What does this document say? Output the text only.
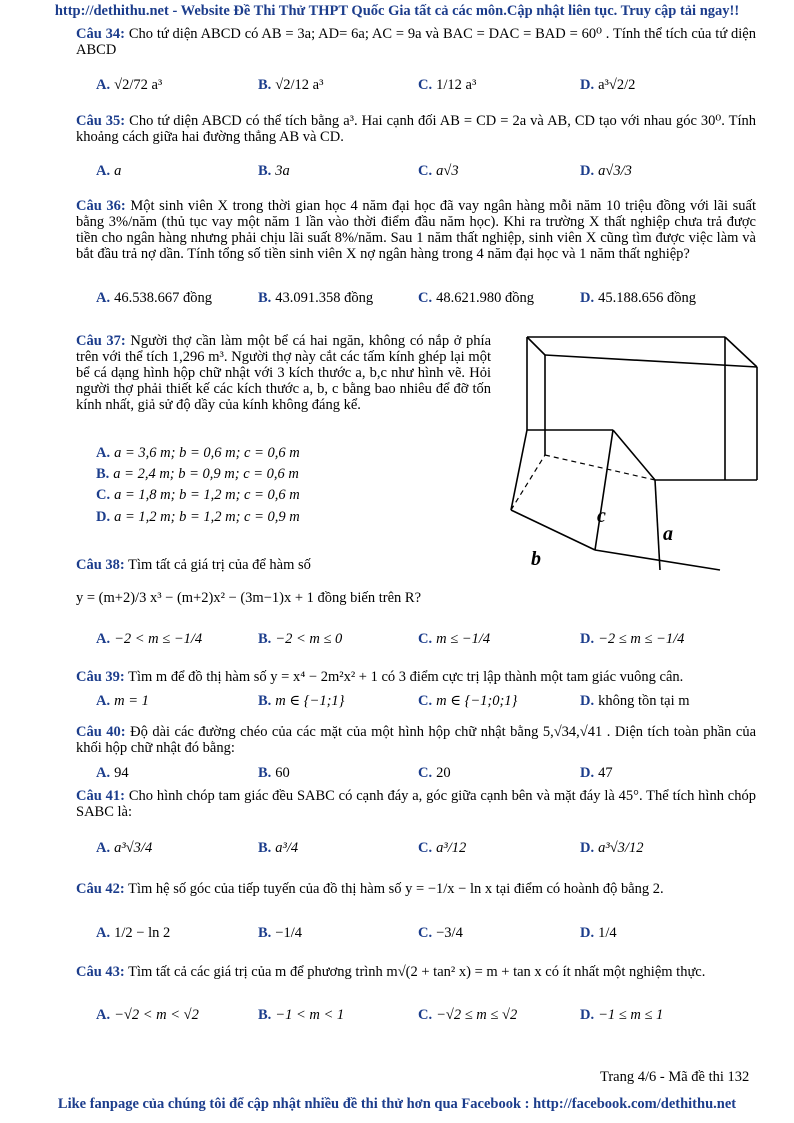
http://dethithu.net - Website Đề Thi Thử THPT Quốc Gia tất cả các môn.Cập nhật liên tục. Truy cập tải ngay!!
Câu 34: Cho tứ diện ABCD có AB = 3a; AD= 6a; AC = 9a và BAC = DAC = BAD = 60⁰ . Tính thể tích của tứ diện ABCD
A. √2/72 a³	B. √2/12 a³	C. 1/12 a³	D. a³√2/2
Câu 35: Cho tứ diện ABCD có thể tích bằng a³. Hai cạnh đối AB = CD = 2a và AB, CD tạo với nhau góc 30⁰. Tính khoảng cách giữa hai đường thẳng AB và CD.
A. a	B. 3a	C. a√3	D. a√3/3
Câu 36: Một sinh viên X trong thời gian học 4 năm đại học đã vay ngân hàng mỗi năm 10 triệu đồng với lãi suất bằng 3%/năm (thủ tục vay một năm 1 lần vào thời điểm đầu năm học). Khi ra trường X thất nghiệp chưa trả được tiền cho ngân hàng nhưng phải chịu lãi suất 8%/năm. Sau 1 năm thất nghiệp, sinh viên X cũng tìm được việc làm và bắt đầu trả nợ dần. Tính tổng số tiền sinh viên X nợ ngân hàng trong 4 năm đại học và 1 năm thất nghiệp?
A. 46.538.667 đồng	B. 43.091.358 đồng	C. 48.621.980 đồng	D. 45.188.656 đồng
Câu 37: Người thợ cần làm một bể cá hai ngăn, không có nắp ở phía trên với thể tích 1,296 m³. Người thợ này cắt các tấm kính ghép lại một bể cá dạng hình hộp chữ nhật với 3 kích thước a, b,c như hình vẽ. Hỏi người thợ phải thiết kế các kích thước a, b, c bằng bao nhiêu để đỡ tốn kính nhất, giả sử độ dầy của kính không đáng kể.
A. a = 3,6 m; b = 0,6 m; c = 0,6 m
B. a = 2,4 m; b = 0,9 m; c = 0,6 m
C. a = 1,8 m; b = 1,2 m; c = 0,6 m
D. a = 1,2 m; b = 1,2 m; c = 0,9 m	c
a
b
Câu 38: Tìm tất cả giá trị của để hàm số
y = (m+2)/3 x³ − (m+2)x² − (3m−1)x + 1 đồng biến trên R?
A. −2 < m ≤ −1/4	B. −2 < m ≤ 0	C. m ≤ −1/4	D. −2 ≤ m ≤ −1/4
Câu 39: Tìm m để đồ thị hàm số y = x⁴ − 2m²x² + 1 có 3 điểm cực trị lập thành một tam giác vuông cân.
A. m = 1	B. m ∈ {−1;1}	C. m ∈ {−1;0;1}	D. không tồn tại m
Câu 40: Độ dài các đường chéo của các mặt của một hình hộp chữ nhật bằng 5,√34,√41 . Diện tích toàn phần của khối hộp chữ nhật đó bằng:
A. 94	B. 60	C. 20	D. 47
Câu 41: Cho hình chóp tam giác đều SABC có cạnh đáy a, góc giữa cạnh bên và mặt đáy là 45°. Thể tích hình chóp SABC là:
A. a³√3/4	B. a³/4	C. a³/12	D. a³√3/12
Câu 42: Tìm hệ số góc của tiếp tuyến của đồ thị hàm số y = −1/x − ln x tại điểm có hoành độ bằng 2.
A. 1/2 − ln 2	B. −1/4	C. −3/4	D. 1/4
Câu 43: Tìm tất cả các giá trị của m để phương trình m√(2 + tan² x) = m + tan x có ít nhất một nghiệm thực.
A. −√2 < m < √2	B. −1 < m < 1	C. −√2 ≤ m ≤ √2	D. −1 ≤ m ≤ 1
Trang 4/6 - Mã đề thi 132
Like fanpage của chúng tôi để cập nhật nhiều đề thi thử hơn qua Facebook : http://facebook.com/dethithu.net
